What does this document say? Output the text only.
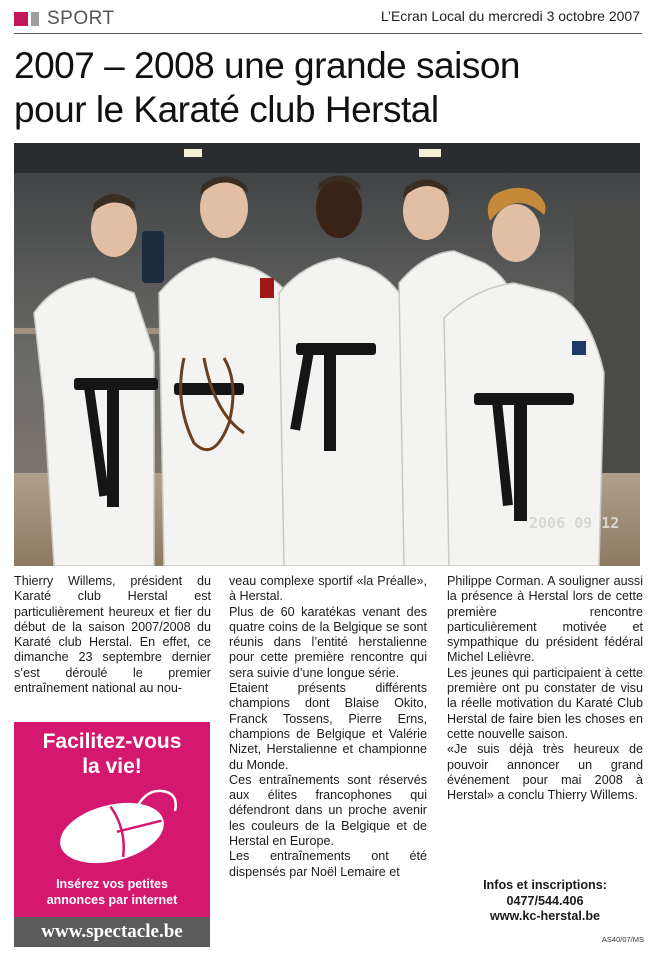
SPORT	L’Ecran Local du mercredi 3 octobre 2007
2007 – 2008 une grande saison
pour le Karaté club Herstal
2006 09 12

Thierry Willems, président du Karaté club Herstal est particulièrement heureux et fier du début de la saison 2007/2008 du Karaté club Herstal. En effet, ce dimanche 23 septembre dernier s’est déroulé le premier entraînement national au nou-

veau complexe sportif «la Préalle», à Herstal.

Plus de 60 karatékas venant des quatre coins de la Belgique se sont réunis dans l’entité herstalienne pour cette première rencontre qui sera suivie d’une longue série.

Etaient présents différents champions dont Blaise Okito, Franck Tossens, Pierre Erns, champions de Belgique et Valérie Nizet, Herstalienne et championne du Monde.

Ces entraînements sont réservés aux élites francophones qui défendront dans un proche avenir les couleurs de la Belgique et de Herstal en Europe.

Les entraînements ont été dispensés par Noël Lemaire et

Philippe Corman. A souligner aussi la présence à Herstal lors de cette première rencontre particulièrement motivée et sympathique du président fédéral Michel Lelièvre.

Les jeunes qui participaient à cette première ont pu constater de visu la réelle motivation du Karaté Club Herstal de faire bien les choses en cette nouvelle saison.

«Je suis déjà très heureux de pouvoir annoncer un grand événement pour mai 2008 à Herstal» a conclu Thierry Willems.

Infos et inscriptions:
0477/544.406
www.kc-herstal.be
Facilitez-vous
la vie!
Insérez vos petites
annonces par internet
www.spectacle.be	AS40/07/MS
